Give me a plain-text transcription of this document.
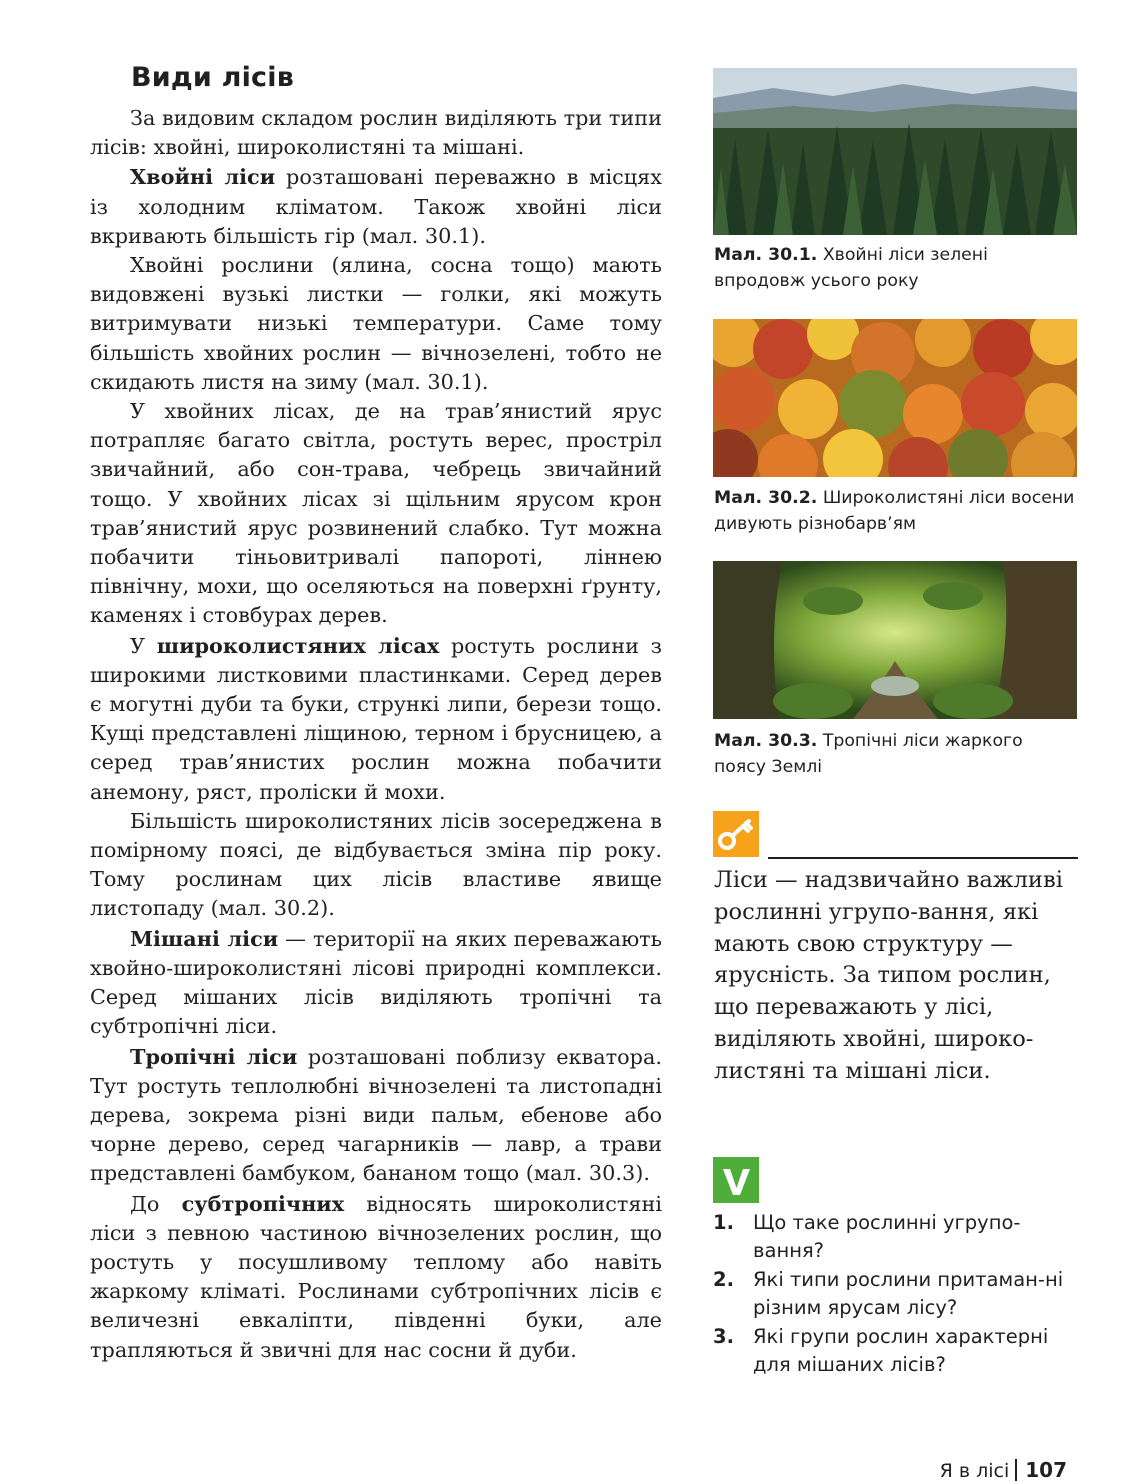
Види лісів

За видовим складом рослин виділяють три типи лісів: хвойні, широколистяні та мішані.

Хвойні ліси розташовані переважно в місцях із холодним кліматом. Також хвойні ліси вкривають більшість гір (мал. 30.1).

Хвойні рослини (ялина, сосна тощо) мають видовжені вузькі листки — голки, які можуть витримувати низькі температури. Саме тому більшість хвойних рослин — вічнозелені, тобто не скидають листя на зиму (мал. 30.1).

У хвойних лісах, де на трав’янистий ярус потрапляє багато світла, ростуть верес, простріл звичайний, або сон-трава, чебрець звичайний тощо. У хвойних лісах зі щільним ярусом крон трав’янистий ярус розвинений слабко. Тут можна побачити тіньовитривалі папороті, ліннею північну, мохи, що оселяються на поверхні ґрунту, каменях і стовбурах дерев.

У широколистяних лісах ростуть рослини з широкими листковими пластинками. Серед дерев є могутні дуби та буки, стрункі липи, берези тощо. Кущі представлені ліщиною, терном і брусницею, а серед трав’янистих рослин можна побачити анемону, ряст, проліски й мохи.

Більшість широколистяних лісів зосереджена в помірному поясі, де відбувається зміна пір року. Тому рослинам цих лісів властиве явище листопаду (мал. 30.2).

Мішані ліси — території на яких переважають хвойно-широколистяні лісові природні комплекси. Серед мішаних лісів виділяють тропічні та субтропічні ліси.

Тропічні ліси розташовані поблизу екватора. Тут ростуть теплолюбні вічнозелені та листопадні дерева, зокрема різні види пальм, ебенове або чорне дерево, серед чагарників — лавр, а трави представлені бамбуком, бананом тощо (мал. 30.3).

До субтропічних відносять широколистяні ліси з певною частиною вічнозелених рослин, що ростуть у посушливому теплому або навіть жаркому кліматі. Рослинами субтропічних лісів є величезні евкаліпти, південні буки, але трапляються й звичні для нас сосни й дуби.

Мал. 30.1. Хвойні ліси зелені впродовж усього року
Мал. 30.2. Широколистяні ліси восени дивують різнобарв’ям
Мал. 30.3. Тропічні ліси жаркого поясу Землі
Ліси — надзвичайно важливі рослинні угрупо-вання, які мають свою структуру — ярусність. За типом рослин, що переважають у лісі, виділяють хвойні, широко-листяні та мішані ліси.
1. Що таке рослинні угрупо-вання?
2. Які типи рослини притаман-ні різним ярусам лісу?
3. Які групи рослин характерні для мішаних лісів?
Я в лісі 107
